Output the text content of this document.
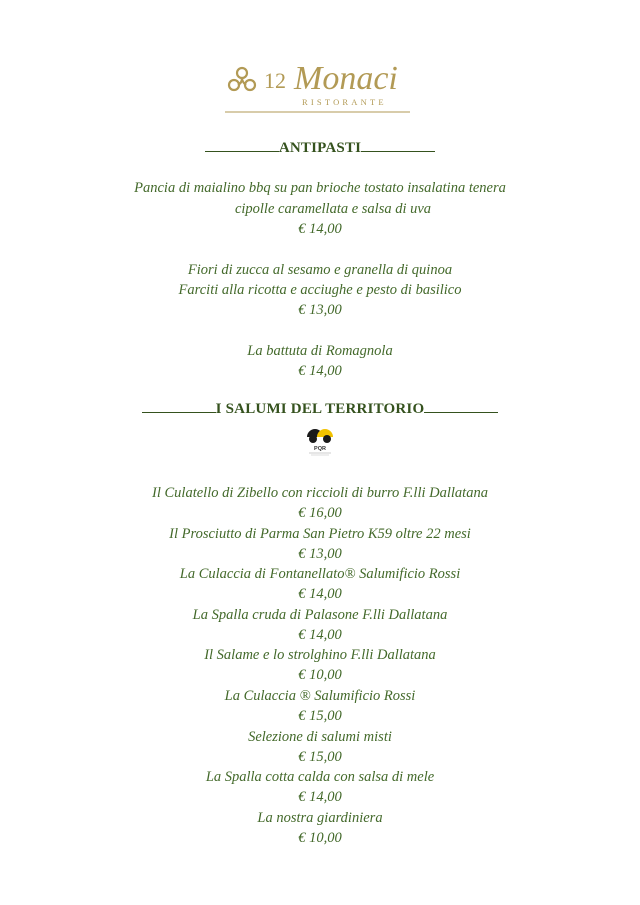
12 Monaci
RISTORANTE
ANTIPASTI
Pancia di maialino bbq su pan brioche tostato insalatina tenera
cipolle caramellata e salsa di uva
€ 14,00
Fiori di zucca al sesamo e granella di quinoa
Farciti alla ricotta e acciughe e pesto di basilico
€ 13,00
La battuta di Romagnola
€ 14,00
I SALUMI DEL TERRITORIO
PQR
Il Culatello di Zibello con riccioli di burro F.lli Dallatana
€ 16,00
Il Prosciutto di Parma San Pietro K59 oltre 22 mesi
€ 13,00
La Culaccia di Fontanellato® Salumificio Rossi
€ 14,00
La Spalla cruda di Palasone F.lli Dallatana
€ 14,00
Il Salame e lo strolghino F.lli Dallatana
€ 10,00
La Culaccia ® Salumificio Rossi
€ 15,00
Selezione di salumi misti
€ 15,00
La Spalla cotta calda con salsa di mele
€ 14,00
La nostra giardiniera
€ 10,00
